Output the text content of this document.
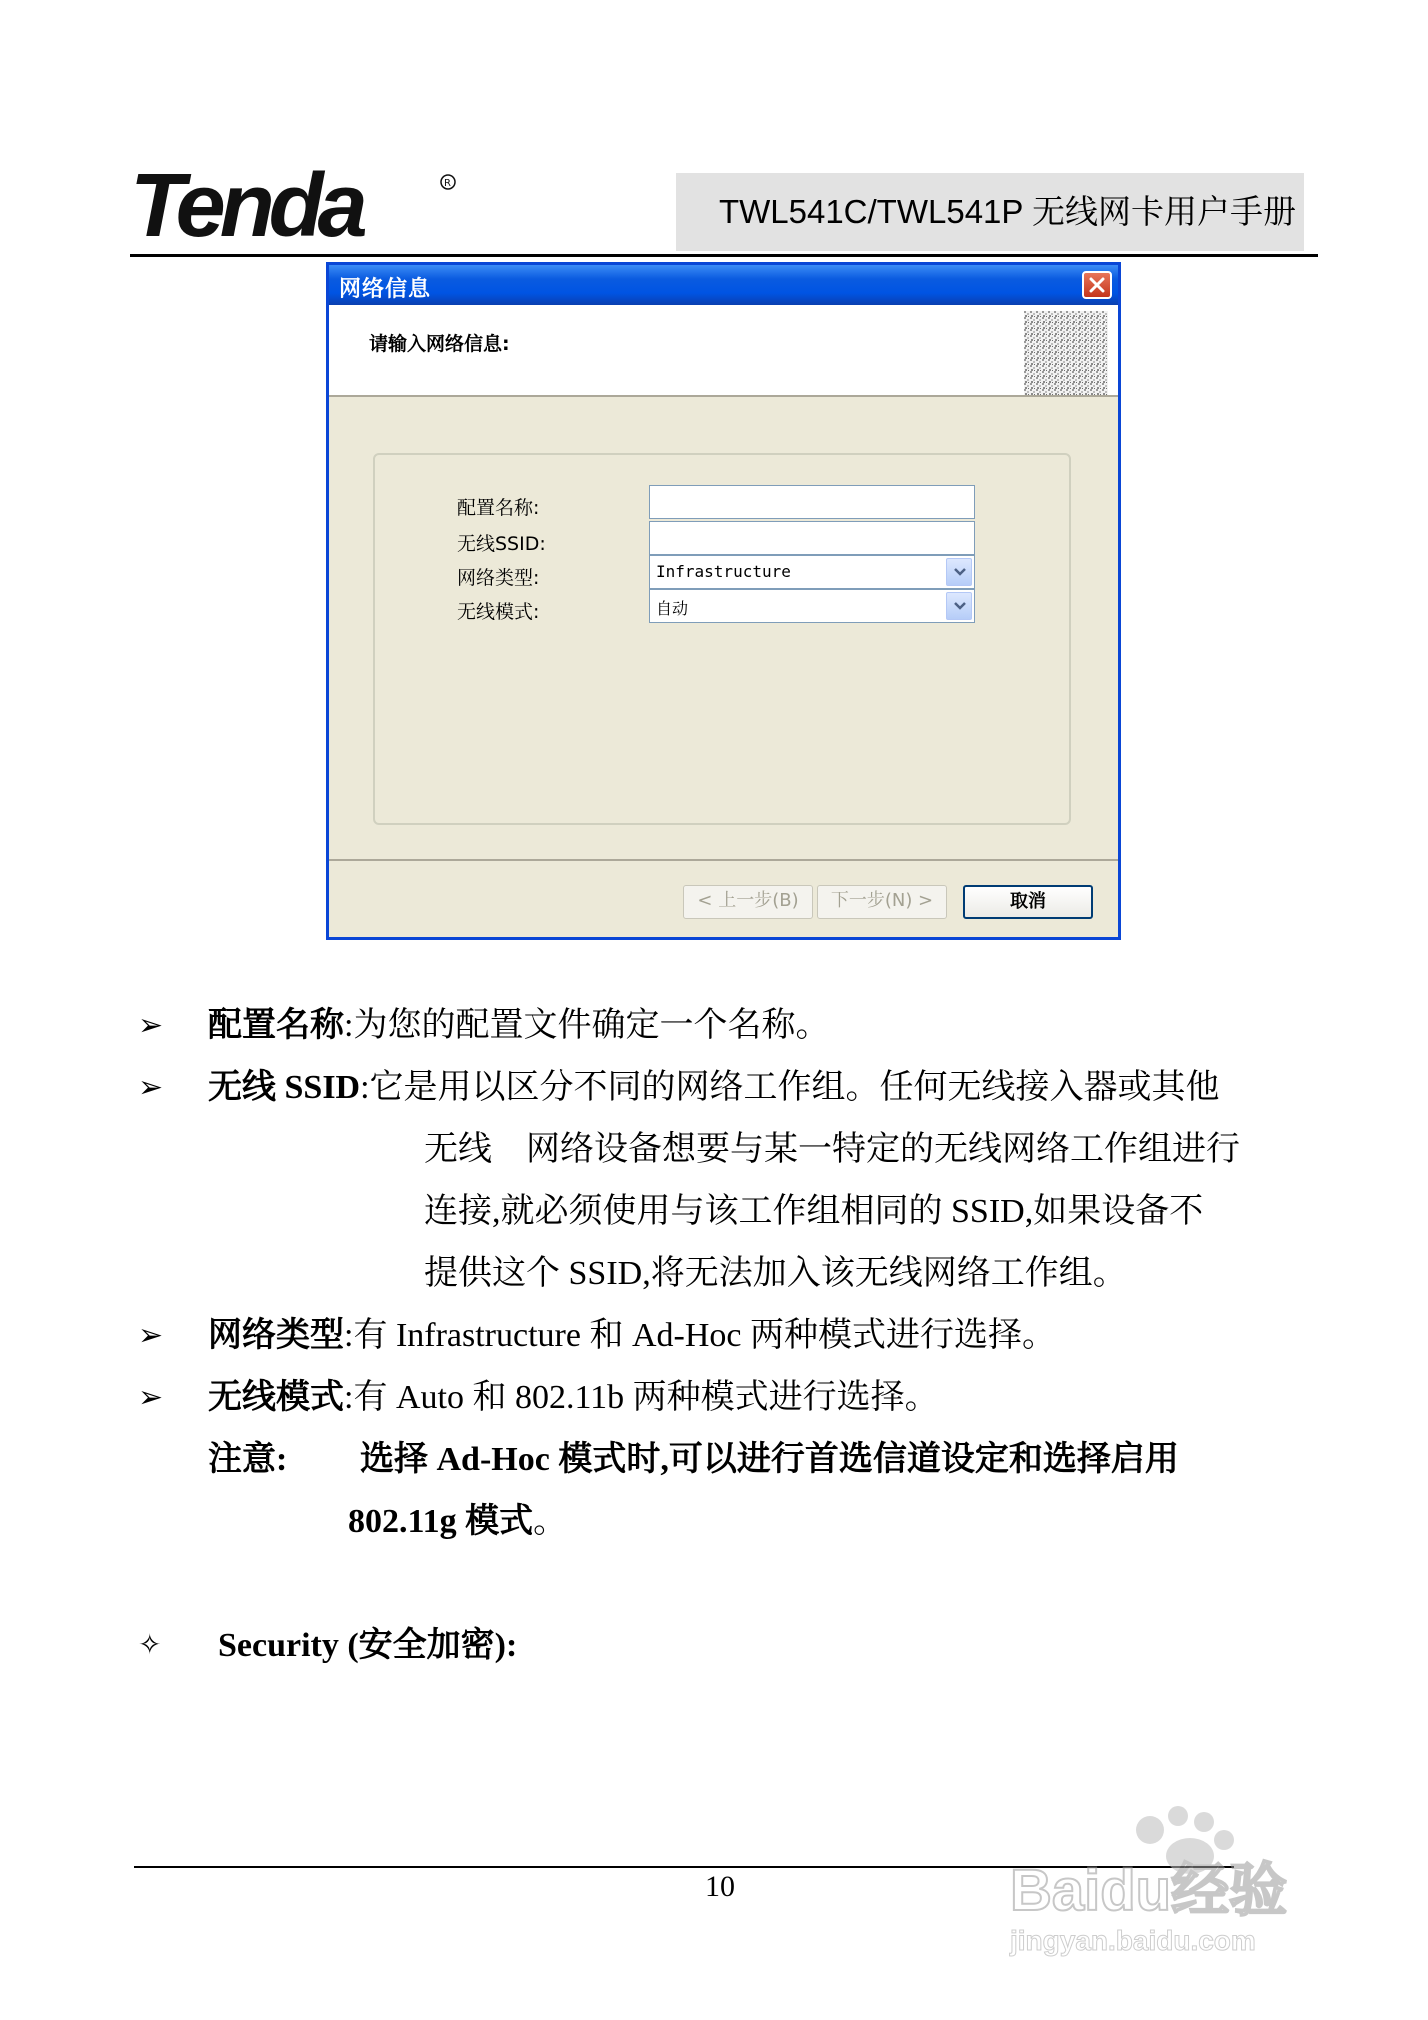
Tenda	R
TWL541C/TWL541P 无线网卡用户手册
网络信息
请输入网络信息:
配置名称:
无线SSID:
网络类型:	Infrastructure
无线模式:	自动
< 上一步(B)	下一步(N) >	取消
➢ 配置名称:为您的配置文件确定一个名称。
➢ 无线 SSID:它是用以区分不同的网络工作组。任何无线接入器或其他
无线　网络设备想要与某一特定的无线网络工作组进行
连接,就必须使用与该工作组相同的 SSID,如果设备不
提供这个 SSID,将无法加入该无线网络工作组。
➢ 网络类型:有 Infrastructure 和 Ad-Hoc 两种模式进行选择。
➢ 无线模式:有 Auto 和 802.11b 两种模式进行选择。
注意: 选择 Ad-Hoc 模式时,可以进行首选信道设定和选择启用
802.11g 模式。
✧ Security (安全加密):
10	Baidu经验
jingyan.baidu.com
